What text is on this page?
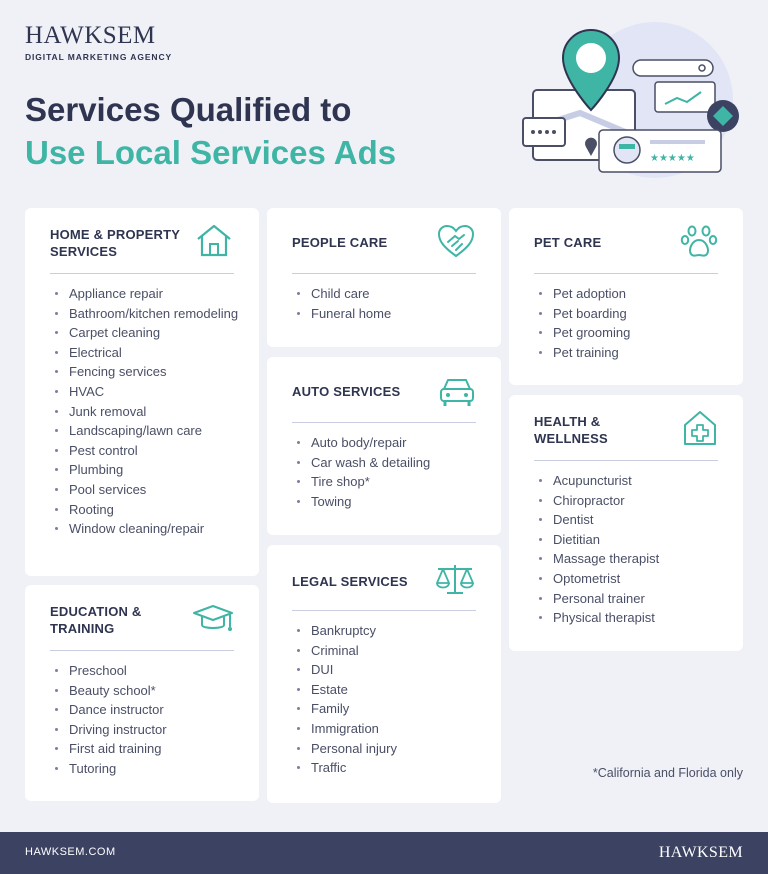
HAWKSEM
DIGITAL MARKETING AGENCY
Services Qualified to
Use Local Services Ads	★★★★★
HOME & PROPERTY SERVICES
Appliance repair
Bathroom/kitchen remodeling
Carpet cleaning
Electrical
Fencing services
HVAC
Junk removal
Landscaping/lawn care
Pest control
Plumbing
Pool services
Rooting
Window cleaning/repair
EDUCATION & TRAINING
Preschool
Beauty school*
Dance instructor
Driving instructor
First aid training
Tutoring
PEOPLE CARE
Child care
Funeral home
AUTO SERVICES
Auto body/repair
Car wash & detailing
Tire shop*
Towing
LEGAL SERVICES
Bankruptcy
Criminal
DUI
Estate
Family
Immigration
Personal injury
Traffic
PET CARE
Pet adoption
Pet boarding
Pet grooming
Pet training
HEALTH & WELLNESS
Acupuncturist
Chiropractor
Dentist
Dietitian
Massage therapist
Optometrist
Personal trainer
Physical therapist
*California and Florida only
HAWKSEM.COM	HAWKSEM
